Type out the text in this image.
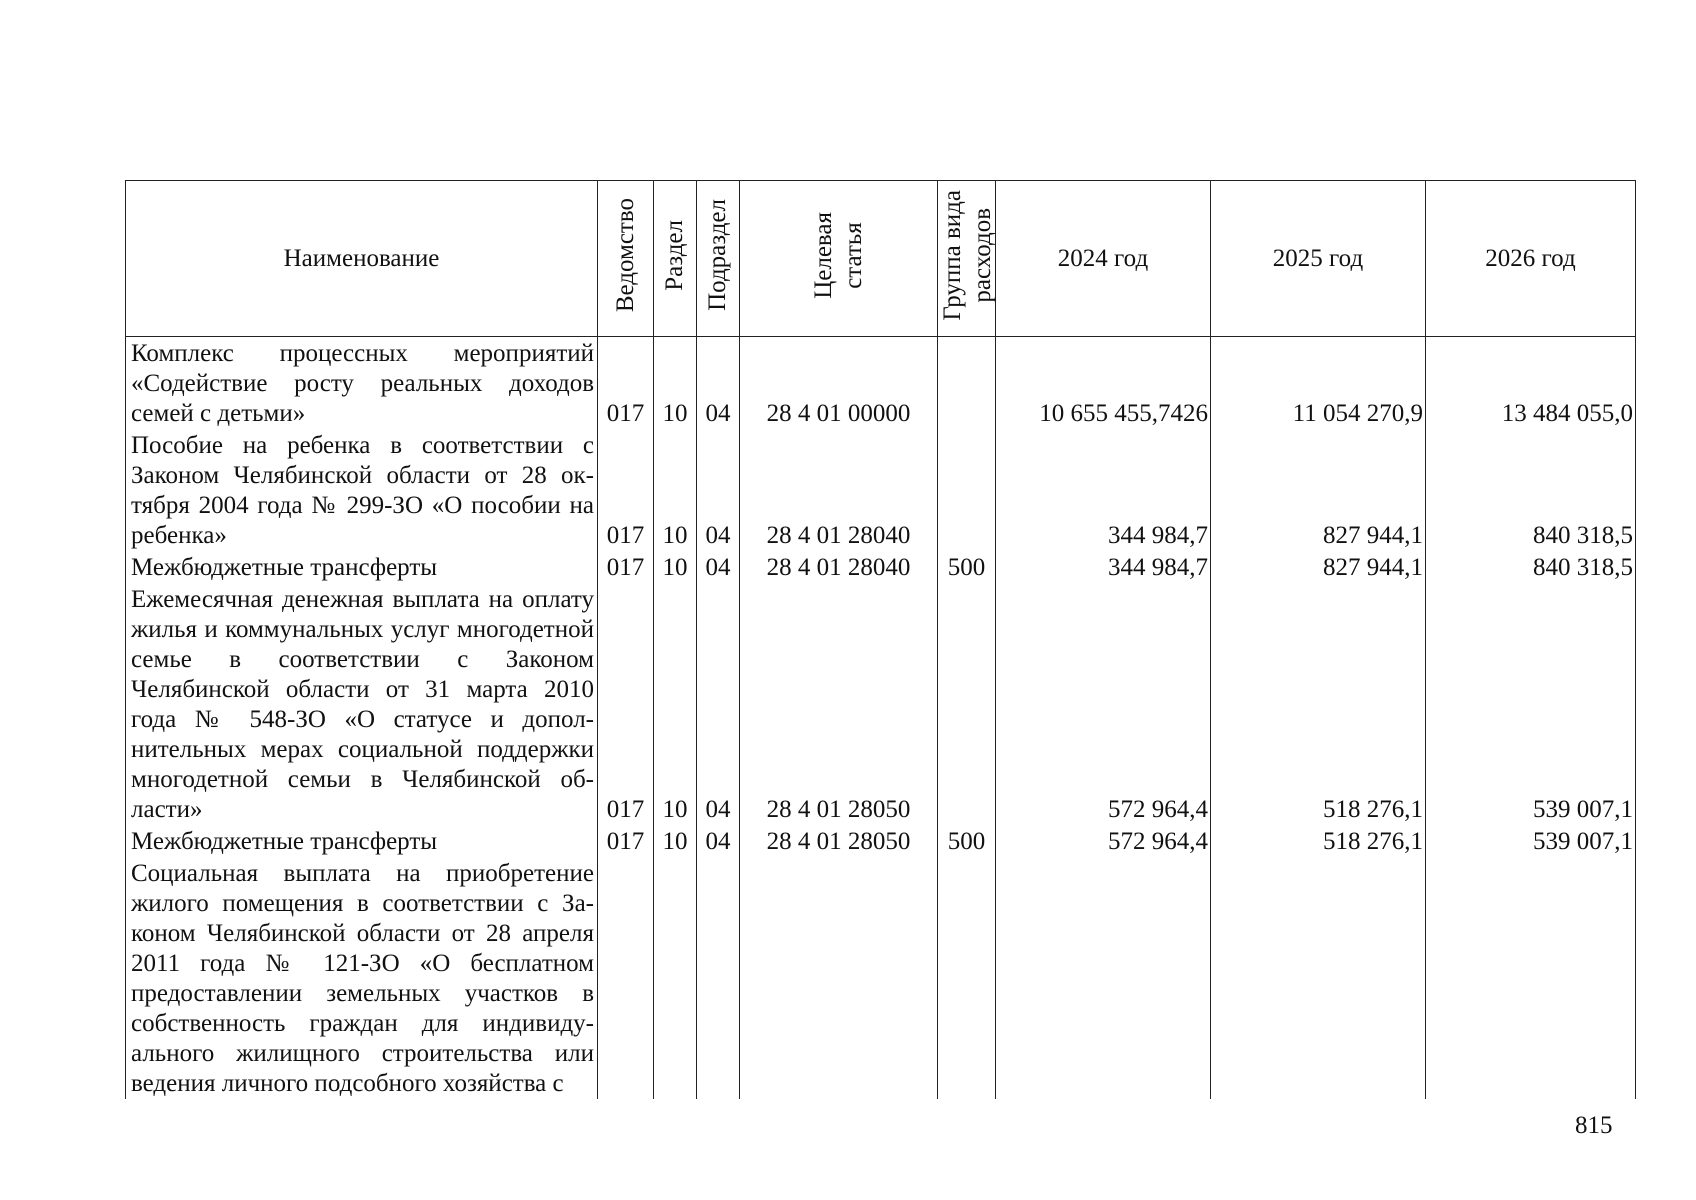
Наименование	Ведомство	Раздел	Подраздел	Целевая статья	Группа вида расходов	2024 год	2025 год	2026 год
Комплекс процессных мероприятий «Содействие росту реальных доходов семей с детьми»	017	10	04	28 4 01 00000		10 655 455,7426	11 054 270,9	13 484 055,0
Пособие на ребенка в соответствии с Законом Челябинской области от 28 октября 2004 года № 299-ЗО «О пособии на ребенка»	017	10	04	28 4 01 28040		344 984,7	827 944,1	840 318,5
Межбюджетные трансферты	017	10	04	28 4 01 28040	500	344 984,7	827 944,1	840 318,5
Ежемесячная денежная выплата на оплату жилья и коммунальных услуг многодетной семье в соответствии с Законом Челябинской области от 31 марта 2010 года № 548-ЗО «О статусе и дополнительных мерах социальной поддержки многодетной семьи в Челябинской области»	017	10	04	28 4 01 28050		572 964,4	518 276,1	539 007,1
Межбюджетные трансферты	017	10	04	28 4 01 28050	500	572 964,4	518 276,1	539 007,1
Социальная выплата на приобретение жилого помещения в соответствии с Законом Челябинской области от 28 апреля 2011 года № 121-ЗО «О бесплатном предоставлении земельных участков в собственность граждан для индивидуального жилищного строительства или ведения личного подсобного хозяйства с								
815
